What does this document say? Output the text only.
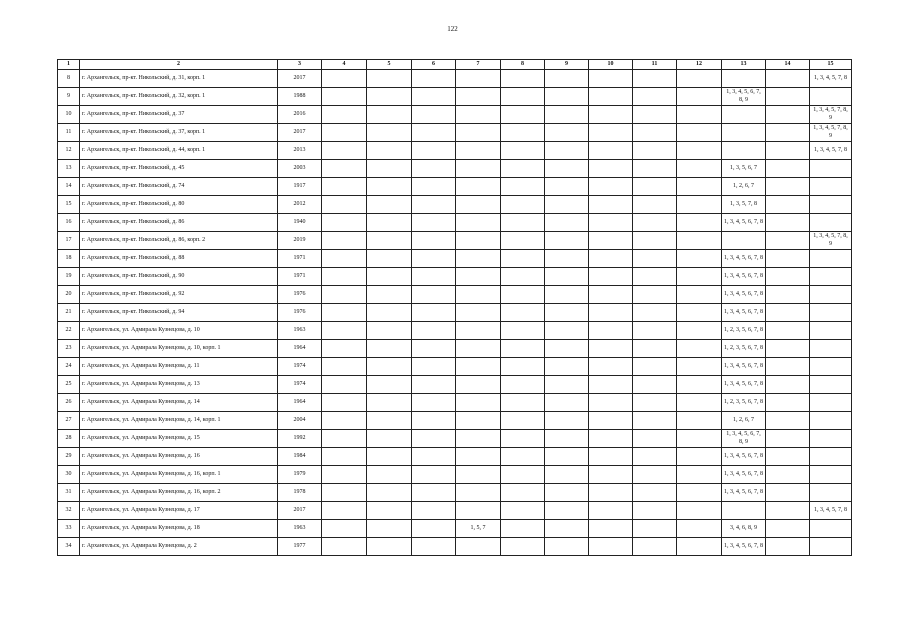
122
1	2	3	4	5	6	7	8	9	10	11	12	13	14	15
8	г. Архангельск, пр-кт. Никольский, д. 31, корп. 1	2017												1, 3, 4, 5, 7, 8
9	г. Архангельск, пр-кт. Никольский, д. 32, корп. 1	1988										1, 3, 4, 5, 6, 7, 8, 9		
10	г. Архангельск, пр-кт. Никольский, д. 37	2016												1, 3, 4, 5, 7, 8, 9
11	г. Архангельск, пр-кт. Никольский, д. 37, корп. 1	2017												1, 3, 4, 5, 7, 8, 9
12	г. Архангельск, пр-кт. Никольский, д. 44, корп. 1	2013												1, 3, 4, 5, 7, 8
13	г. Архангельск, пр-кт. Никольский, д. 45	2003										1, 3, 5, 6, 7		
14	г. Архангельск, пр-кт. Никольский, д. 74	1917										1, 2, 6, 7		
15	г. Архангельск, пр-кт. Никольский, д. 80	2012										1, 3, 5, 7, 8		
16	г. Архангельск, пр-кт. Никольский, д. 86	1940										1, 3, 4, 5, 6, 7, 8		
17	г. Архангельск, пр-кт. Никольский, д. 86, корп. 2	2019												1, 3, 4, 5, 7, 8, 9
18	г. Архангельск, пр-кт. Никольский, д. 88	1971										1, 3, 4, 5, 6, 7, 8		
19	г. Архангельск, пр-кт. Никольский, д. 90	1971										1, 3, 4, 5, 6, 7, 8		
20	г. Архангельск, пр-кт. Никольский, д. 92	1976										1, 3, 4, 5, 6, 7, 8		
21	г. Архангельск, пр-кт. Никольский, д. 94	1976										1, 3, 4, 5, 6, 7, 8		
22	г. Архангельск, ул. Адмирала Кузнецова, д. 10	1963										1, 2, 3, 5, 6, 7, 8		
23	г. Архангельск, ул. Адмирала Кузнецова, д. 10, корп. 1	1964										1, 2, 3, 5, 6, 7, 8		
24	г. Архангельск, ул. Адмирала Кузнецова, д. 11	1974										1, 3, 4, 5, 6, 7, 8		
25	г. Архангельск, ул. Адмирала Кузнецова, д. 13	1974										1, 3, 4, 5, 6, 7, 8		
26	г. Архангельск, ул. Адмирала Кузнецова, д. 14	1964										1, 2, 3, 5, 6, 7, 8		
27	г. Архангельск, ул. Адмирала Кузнецова, д. 14, корп. 1	2004										1, 2, 6, 7		
28	г. Архангельск, ул. Адмирала Кузнецова, д. 15	1992										1, 3, 4, 5, 6, 7, 8, 9		
29	г. Архангельск, ул. Адмирала Кузнецова, д. 16	1984										1, 3, 4, 5, 6, 7, 8		
30	г. Архангельск, ул. Адмирала Кузнецова, д. 16, корп. 1	1979										1, 3, 4, 5, 6, 7, 8		
31	г. Архангельск, ул. Адмирала Кузнецова, д. 16, корп. 2	1978										1, 3, 4, 5, 6, 7, 8		
32	г. Архангельск, ул. Адмирала Кузнецова, д. 17	2017												1, 3, 4, 5, 7, 8
33	г. Архангельск, ул. Адмирала Кузнецова, д. 18	1963				1, 5, 7						3, 4, 6, 8, 9		
34	г. Архангельск, ул. Адмирала Кузнецова, д. 2	1977										1, 3, 4, 5, 6, 7, 8		
